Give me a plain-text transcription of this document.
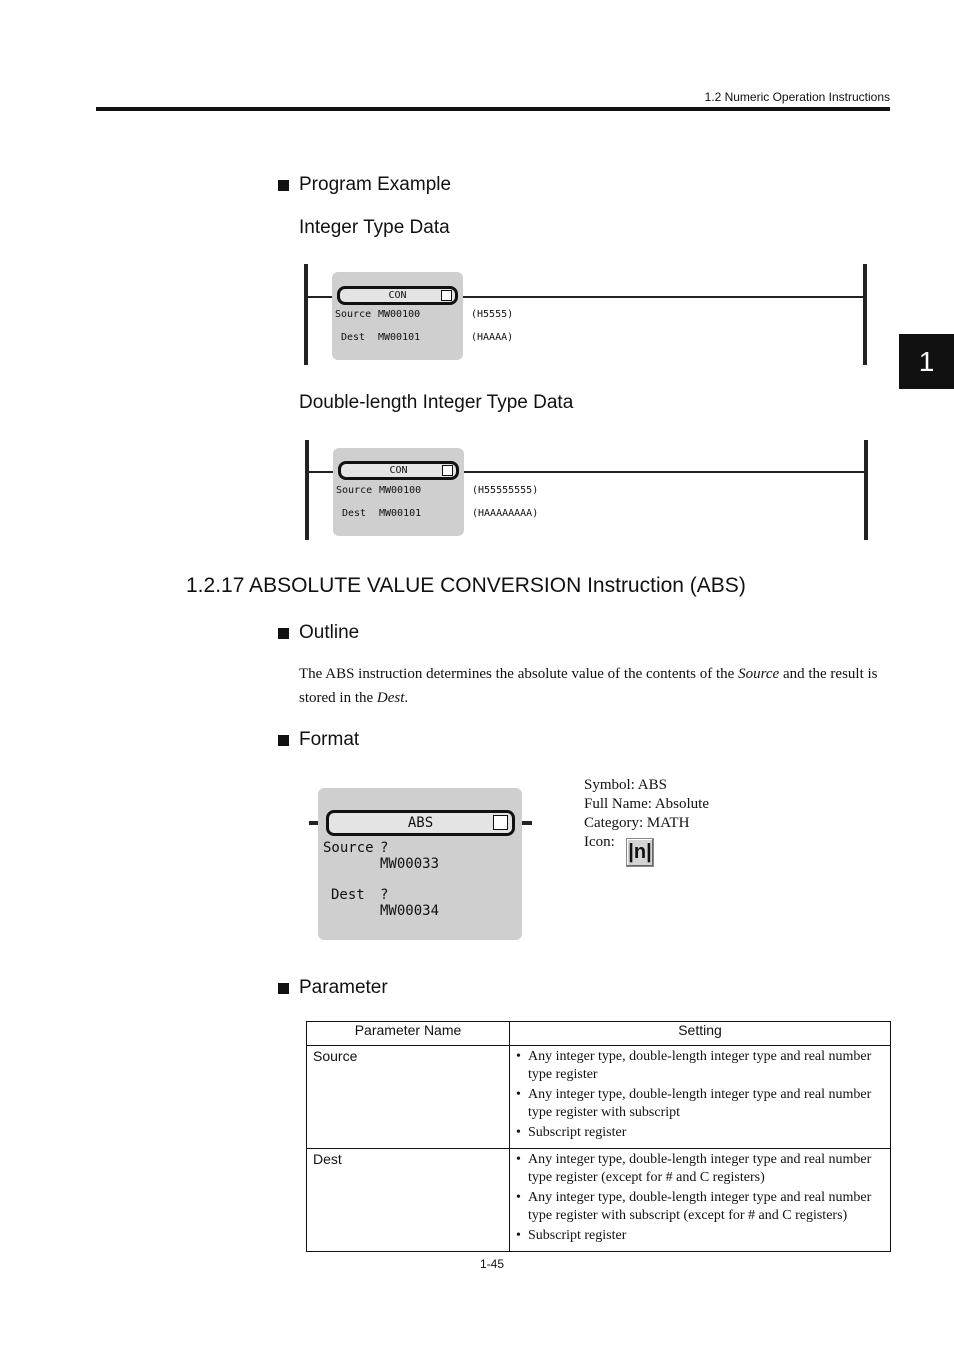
1.2 Numeric Operation Instructions
1
Program Example
Integer Type Data
CON
Source MW00100
Dest MW00101
(H5555)
(HAAAA)
Double-length Integer Type Data
CON
Source MW00100
Dest MW00101
(H55555555)
(HAAAAAAAA)
1.2.17 ABSOLUTE VALUE CONVERSION Instruction (ABS)
Outline
The ABS instruction determines the absolute value of the contents of the Source and the result is stored in the Dest.
Format
ABS
Source ?
MW00033
Dest ?
MW00034
Symbol: ABS
Full Name: Absolute
Category: MATH
Icon: |n|
Parameter
Parameter Name	Setting
Source	• Any integer type, double-length integer type and real number type register
• Any integer type, double-length integer type and real number type register with subscript
• Subscript register

Dest	• Any integer type, double-length integer type and real number type register (except for # and C registers)
• Any integer type, double-length integer type and real number type register with subscript (except for # and C registers)
• Subscript register
1-45
